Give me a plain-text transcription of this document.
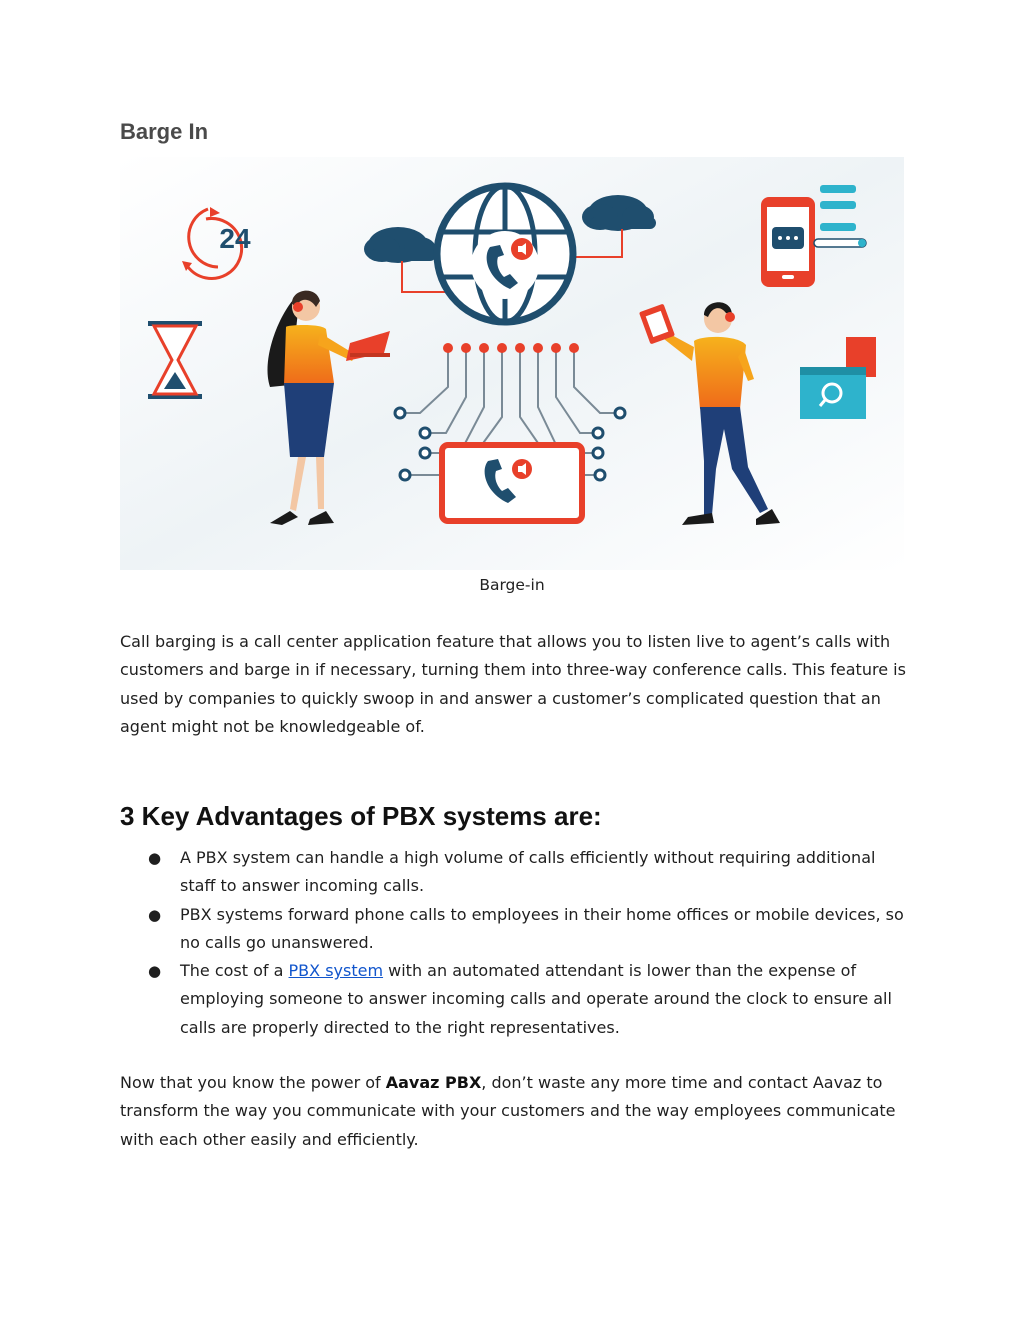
Barge In
24

Barge-in

Call barging is a call center application feature that allows you to listen live to agent’s calls with customers and barge in if necessary, turning them into three-way conference calls. This feature is used by companies to quickly swoop in and answer a customer’s complicated question that an agent might not be knowledgeable of.

3 Key Advantages of PBX systems are:
● A PBX system can handle a high volume of calls efficiently without requiring additional staff to answer incoming calls.
● PBX systems forward phone calls to employees in their home offices or mobile devices, so no calls go unanswered.
● The cost of a PBX system with an automated attendant is lower than the expense of employing someone to answer incoming calls and operate around the clock to ensure all calls are properly directed to the right representatives.

Now that you know the power of Aavaz PBX, don’t waste any more time and contact Aavaz to transform the way you communicate with your customers and the way employees communicate with each other easily and efficiently.
